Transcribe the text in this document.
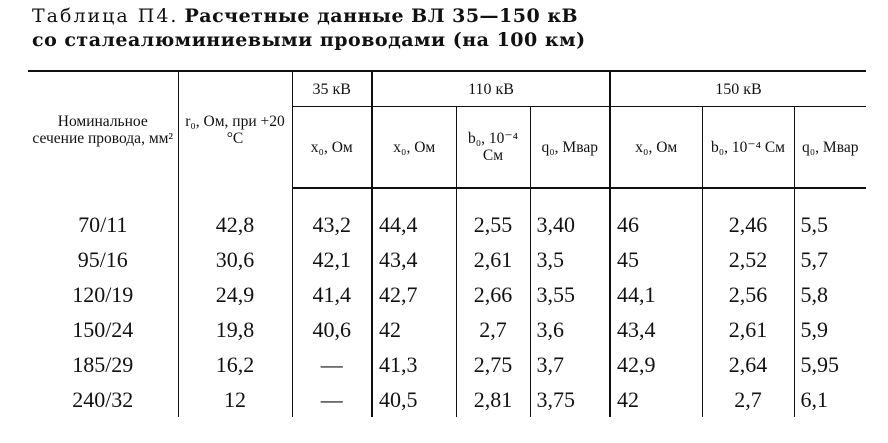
Таблица П4. Расчетные данные ВЛ 35—150 кВ
со сталеалюминиевыми проводами (на 100 км)
Номинальное сечение провода, мм²	r₀, Ом, при +20 °C	35 кВ	110 кВ			150 кВ		
		x₀, Ом	x₀, Ом	b₀, 10⁻⁴ См	q₀, Мвар	x₀, Ом	b₀, 10⁻⁴ См	q₀, Мвар
70/11	42,8	43,2	44,4	2,55	3,40	46	2,46	5,5
95/16	30,6	42,1	43,4	2,61	3,5	45	2,52	5,7
120/19	24,9	41,4	42,7	2,66	3,55	44,1	2,56	5,8
150/24	19,8	40,6	42	2,7	3,6	43,4	2,61	5,9
185/29	16,2	—	41,3	2,75	3,7	42,9	2,64	5,95
240/32	12	—	40,5	2,81	3,75	42	2,7	6,1
